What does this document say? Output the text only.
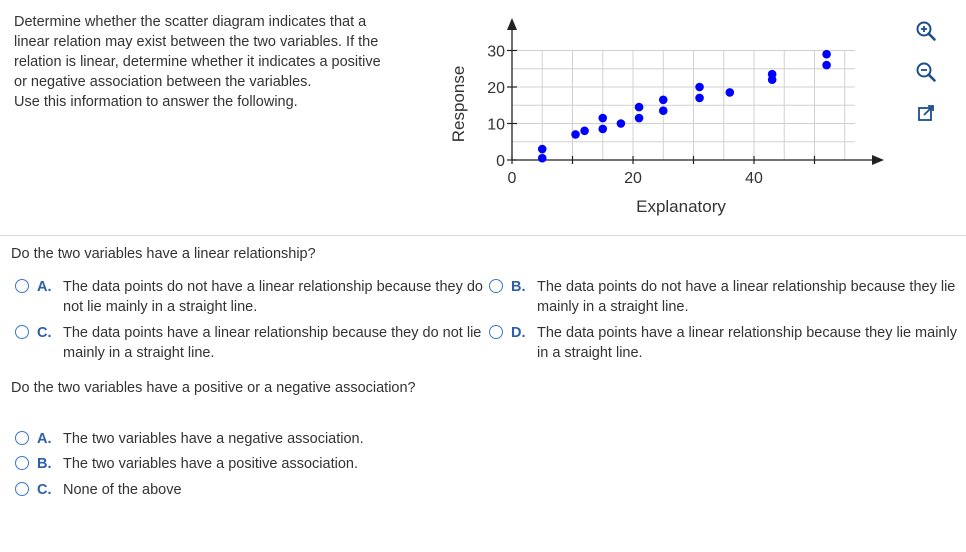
Determine whether the scatter diagram indicates that a

linear relation may exist between the two variables. If the

relation is linear, determine whether it indicates a positive

or negative association between the variables.

Use this information to answer the following.

0	20	40
0
10
20
30
Explanatory
Response
Do the two variables have a linear relationship?
A. The data points do not have a linear relationship because they do not lie mainly in a straight line.
B. The data points do not have a linear relationship because they lie mainly in a straight line.
C. The data points have a linear relationship because they do not lie mainly in a straight line.
D. The data points have a linear relationship because they lie mainly in a straight line.
Do the two variables have a positive or a negative association?
A. The two variables have a negative association.
B. The two variables have a positive association.
C. None of the above
